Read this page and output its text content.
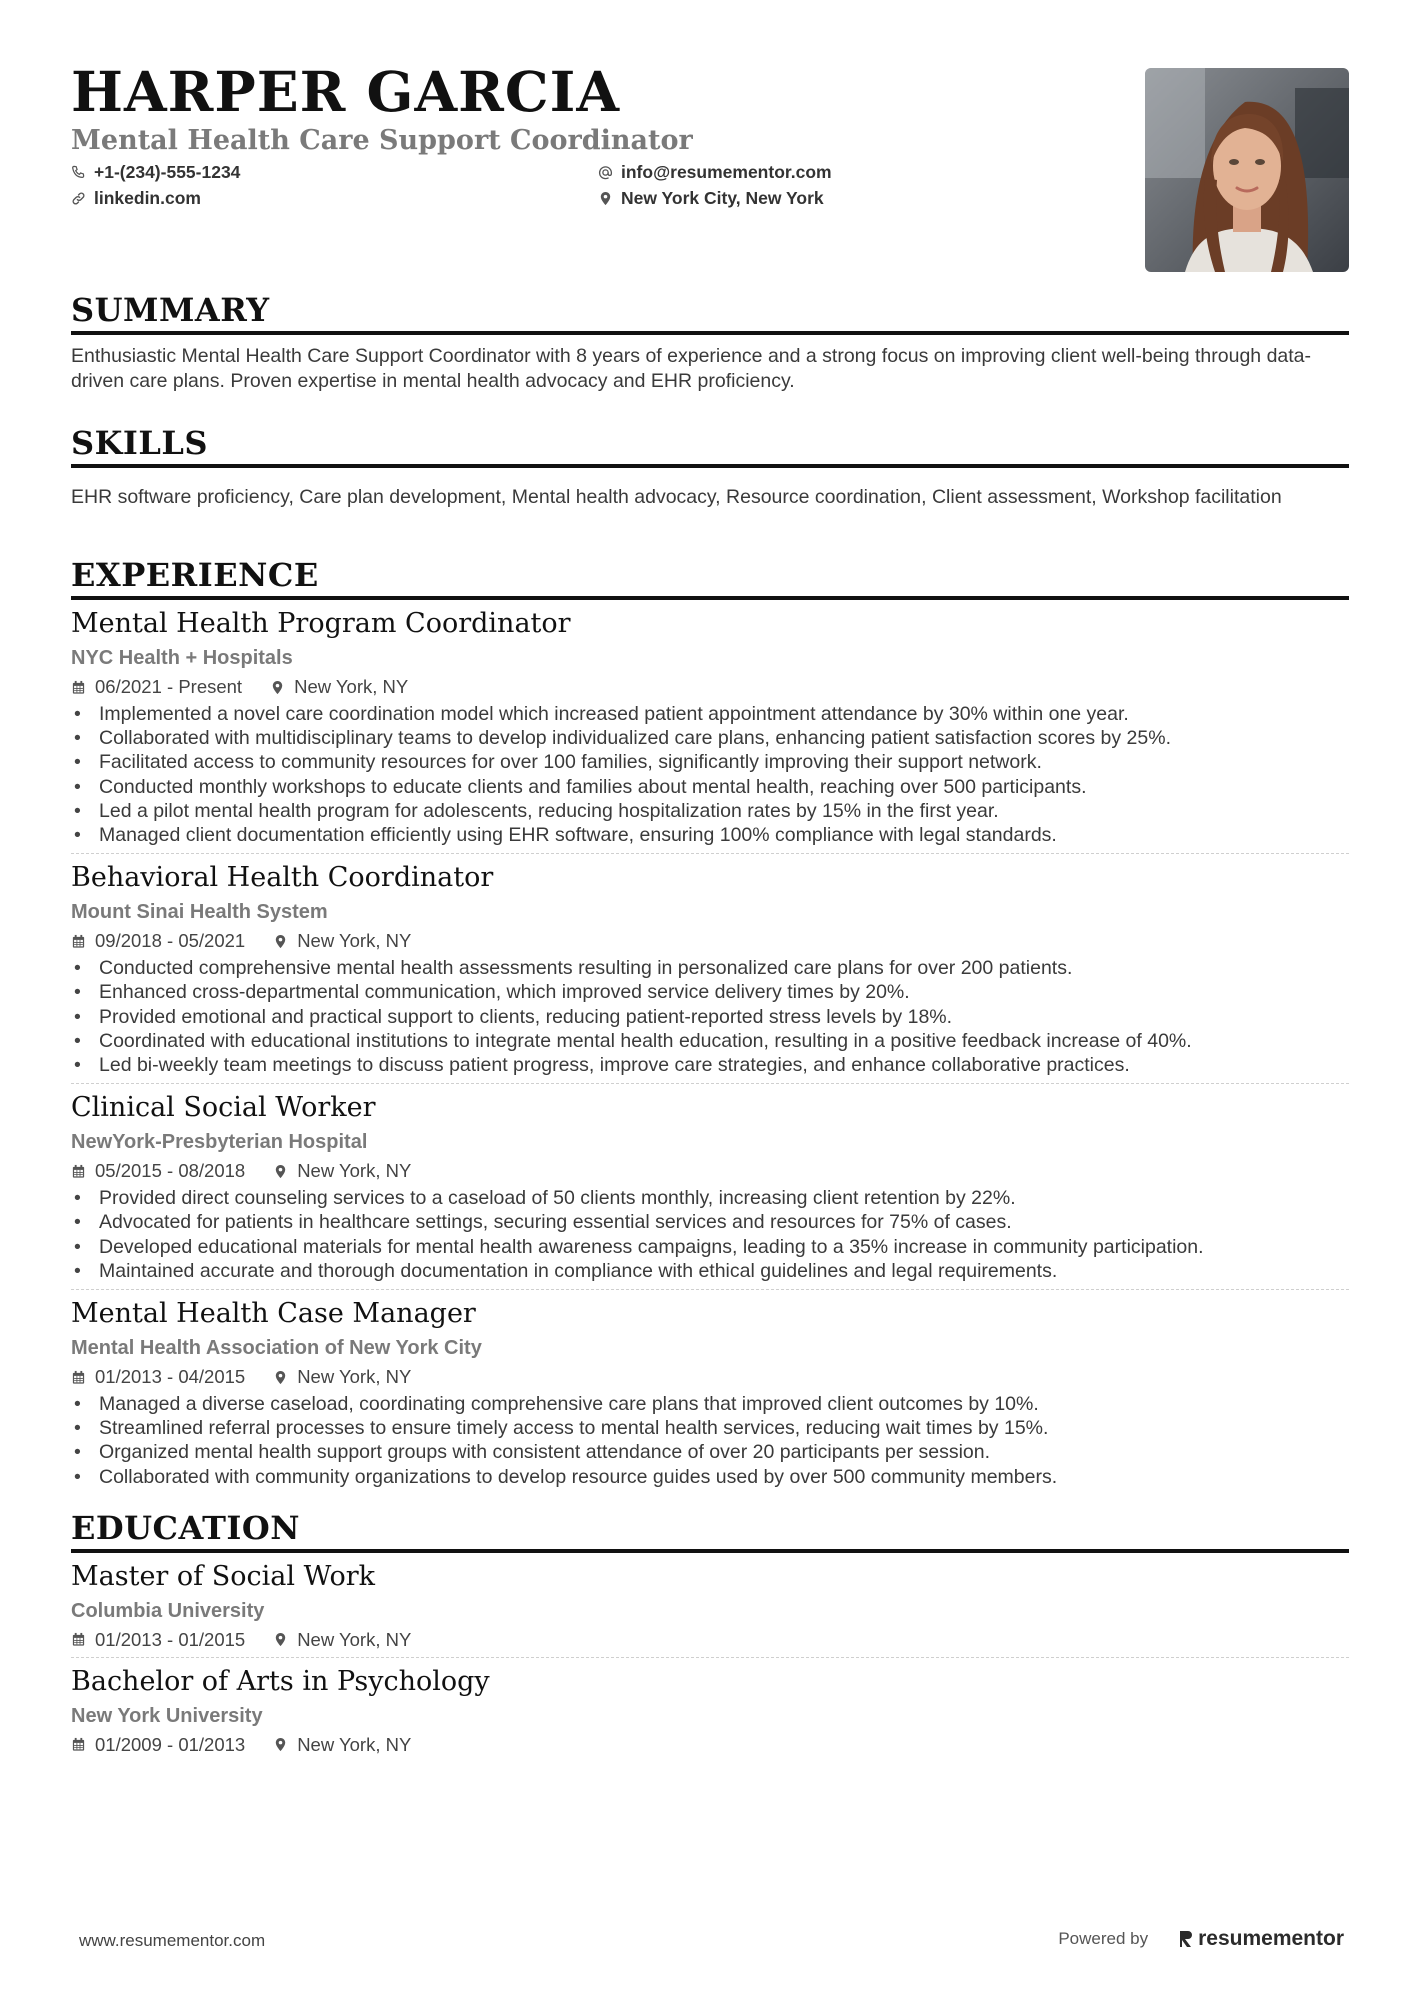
HARPER GARCIA
Mental Health Care Support Coordinator
+1-(234)-555-1234	info@resumementor.com
linkedin.com	New York City, New York
SUMMARY
Enthusiastic Mental Health Care Support Coordinator with 8 years of experience and a strong focus on improving client well-being through data-driven care plans. Proven expertise in mental health advocacy and EHR proficiency.
SKILLS
EHR software proficiency, Care plan development, Mental health advocacy, Resource coordination, Client assessment, Workshop facilitation
EXPERIENCE
Mental Health Program Coordinator
NYC Health + Hospitals
06/2021 - Present	New York, NY
• Implemented a novel care coordination model which increased patient appointment attendance by 30% within one year.
• Collaborated with multidisciplinary teams to develop individualized care plans, enhancing patient satisfaction scores by 25%.
• Facilitated access to community resources for over 100 families, significantly improving their support network.
• Conducted monthly workshops to educate clients and families about mental health, reaching over 500 participants.
• Led a pilot mental health program for adolescents, reducing hospitalization rates by 15% in the first year.
• Managed client documentation efficiently using EHR software, ensuring 100% compliance with legal standards.
Behavioral Health Coordinator
Mount Sinai Health System
09/2018 - 05/2021	New York, NY
• Conducted comprehensive mental health assessments resulting in personalized care plans for over 200 patients.
• Enhanced cross-departmental communication, which improved service delivery times by 20%.
• Provided emotional and practical support to clients, reducing patient-reported stress levels by 18%.
• Coordinated with educational institutions to integrate mental health education, resulting in a positive feedback increase of 40%.
• Led bi-weekly team meetings to discuss patient progress, improve care strategies, and enhance collaborative practices.
Clinical Social Worker
NewYork-Presbyterian Hospital
05/2015 - 08/2018	New York, NY
• Provided direct counseling services to a caseload of 50 clients monthly, increasing client retention by 22%.
• Advocated for patients in healthcare settings, securing essential services and resources for 75% of cases.
• Developed educational materials for mental health awareness campaigns, leading to a 35% increase in community participation.
• Maintained accurate and thorough documentation in compliance with ethical guidelines and legal requirements.
Mental Health Case Manager
Mental Health Association of New York City
01/2013 - 04/2015	New York, NY
• Managed a diverse caseload, coordinating comprehensive care plans that improved client outcomes by 10%.
• Streamlined referral processes to ensure timely access to mental health services, reducing wait times by 15%.
• Organized mental health support groups with consistent attendance of over 20 participants per session.
• Collaborated with community organizations to develop resource guides used by over 500 community members.
EDUCATION
Master of Social Work
Columbia University
01/2013 - 01/2015	New York, NY
Bachelor of Arts in Psychology
New York University
01/2009 - 01/2013	New York, NY
www.resumementor.com	Powered by resumementor
